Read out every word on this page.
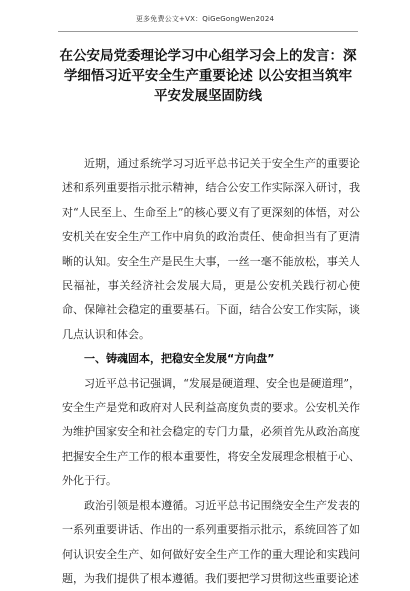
更多免费公文+VX：QiGeGongWen2024
在公安局党委理论学习中心组学习会上的发言：深学细悟习近平安全生产重要论述 以公安担当筑牢平安发展坚固防线

近期，通过系统学习习近平总书记关于安全生产的重要论述和系列重要指示批示精神，结合公安工作实际深入研讨，我对“人民至上、生命至上”的核心要义有了更深刻的体悟，对公安机关在安全生产工作中肩负的政治责任、使命担当有了更清晰的认知。安全生产是民生大事，一丝一毫不能放松，事关人民福祉，事关经济社会发展大局，更是公安机关践行初心使命、保障社会稳定的重要基石。下面，结合公安工作实际，谈几点认识和体会。

一、铸魂固本，把稳安全发展“方向盘”

习近平总书记强调，“发展是硬道理、安全也是硬道理”，安全生产是党和政府对人民利益高度负责的要求。公安机关作为维护国家安全和社会稳定的专门力量，必须首先从政治高度把握安全生产工作的根本重要性，将安全发展理念根植于心、外化于行。

政治引领是根本遵循。习近平总书记围绕安全生产发表的一系列重要讲话、作出的一系列重要指示批示，系统回答了如何认识安全生产、如何做好安全生产工作的重大理论和实践问题，为我们提供了根本遵循。我们要把学习贯彻这些重要论述
